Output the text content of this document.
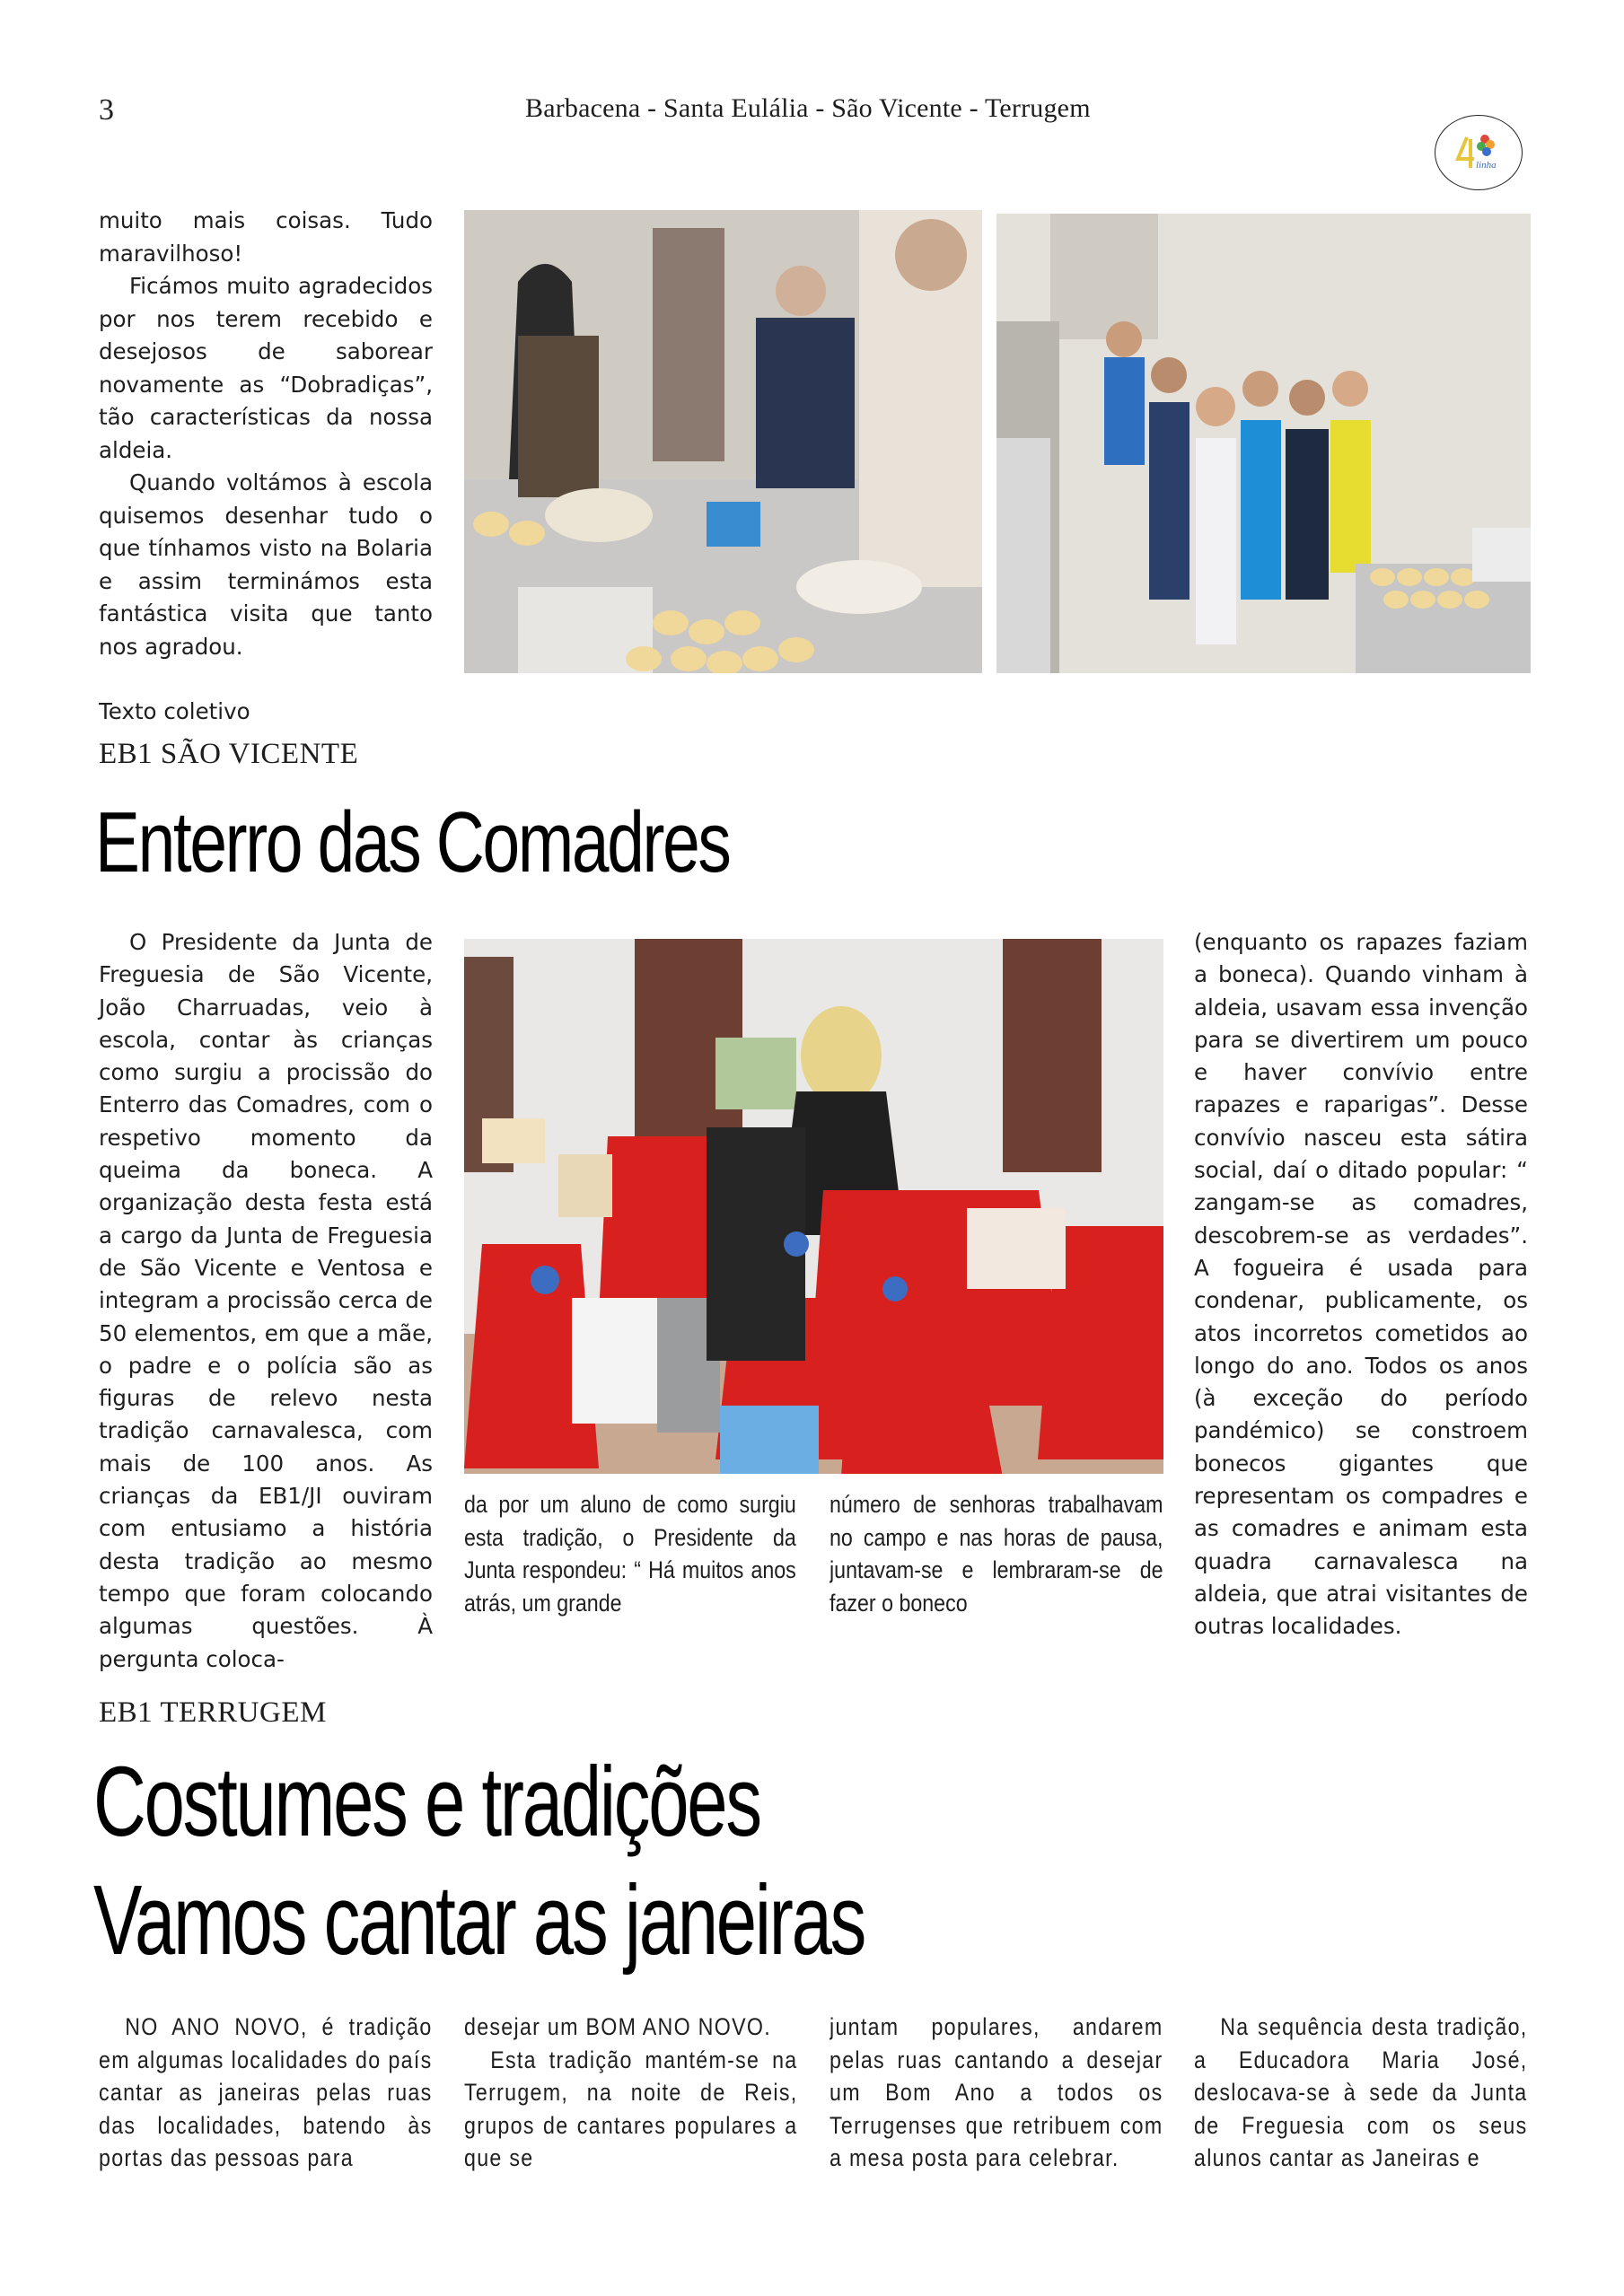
3	Barbacena - Santa Eulália - São Vicente - Terrugem
linha

muito mais coisas. Tudo maravilhoso!

Ficámos muito agradecidos por nos terem recebido e desejosos de saborear novamente as “Dobradiças”, tão características da nossa aldeia.

Quando voltámos à escola quisemos desenhar tudo o que tínhamos visto na Bolaria e assim terminámos esta fantástica visita que tanto nos agradou.

Texto coletivo

EB1 SÃO VICENTE
Enterro das Comadres

O Presidente da Junta de Freguesia de São Vicente, João Charruadas, veio à escola, contar às crianças como surgiu a procissão do Enterro das Comadres, com o respetivo momento da queima da boneca. A organização desta festa está a cargo da Junta de Freguesia de São Vicente e Ventosa e integram a procissão cerca de 50 elementos, em que a mãe, o padre e o polícia são as figuras de relevo nesta tradição carnavalesca, com mais de 100 anos. As crianças da EB1/JI ouviram com entusiamo a história desta tradição ao mesmo tempo que foram colocando algumas questões. À pergunta coloca-

da por um aluno de como surgiu esta tradição, o Presidente da Junta respondeu: “ Há muitos anos atrás, um grande
número de senhoras trabalhavam no campo e nas horas de pausa, juntavam-se e lembraram-se de fazer o boneco

(enquanto os rapazes faziam a boneca). Quando vinham à aldeia, usavam essa invenção para se divertirem um pouco e haver convívio entre rapazes e raparigas”. Desse convívio nasceu esta sátira social, daí o ditado popular: “ zangam-se as comadres, descobrem-se as verdades”. A fogueira é usada para condenar, publicamente, os atos incorretos cometidos ao longo do ano. Todos os anos (à exceção do período pandémico) se constroem bonecos gigantes que representam os compadres e as comadres e animam esta quadra carnavalesca na aldeia, que atrai visitantes de outras localidades.

EB1 TERRUGEM
Costumes e tradições
Vamos cantar as janeiras
NO ANO NOVO, é tradição em algumas localidades do país cantar as janeiras pelas ruas das localidades, batendo às portas das pessoas para

desejar um BOM ANO NOVO.

Esta tradição mantém-se na Terrugem, na noite de Reis, grupos de cantares populares a que se

juntam populares, andarem pelas ruas cantando a desejar um Bom Ano a todos os Terrugenses que retribuem com a mesa posta para celebrar.
Na sequência desta tradição, a Educadora Maria José, deslocava-se à sede da Junta de Freguesia com os seus alunos cantar as Janeiras e
